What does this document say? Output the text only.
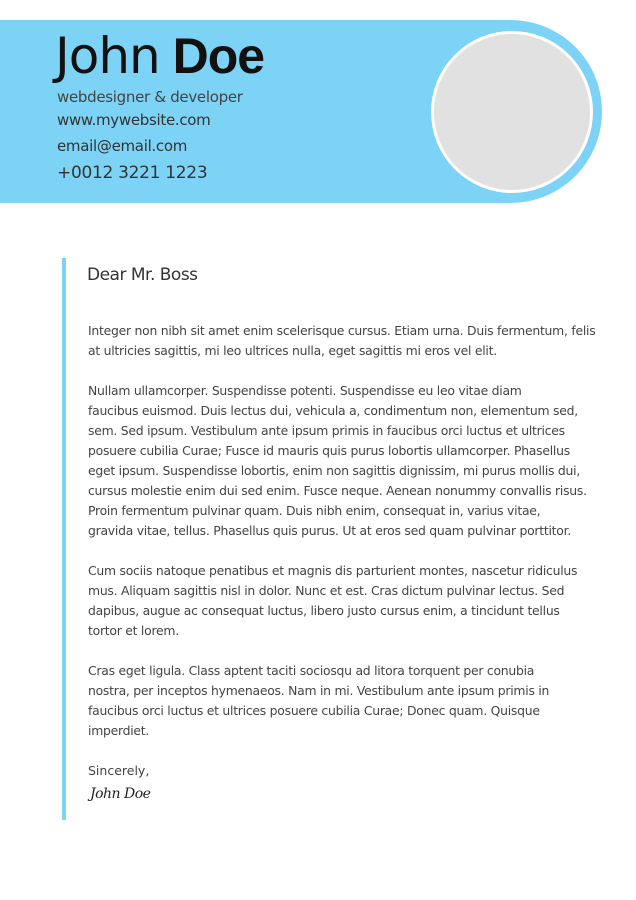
John Doe
webdesigner & developer
www.mywebsite.com
email@email.com
+0012 3221 1223
Dear Mr. Boss
Integer non nibh sit amet enim scelerisque cursus. Etiam urna. Duis fermentum, felis
at ultricies sagittis, mi leo ultrices nulla, eget sagittis mi eros vel elit.
Nullam ullamcorper. Suspendisse potenti. Suspendisse eu leo vitae diam
faucibus euismod. Duis lectus dui, vehicula a, condimentum non, elementum sed,
sem. Sed ipsum. Vestibulum ante ipsum primis in faucibus orci luctus et ultrices
posuere cubilia Curae; Fusce id mauris quis purus lobortis ullamcorper. Phasellus
eget ipsum. Suspendisse lobortis, enim non sagittis dignissim, mi purus mollis dui,
cursus molestie enim dui sed enim. Fusce neque. Aenean nonummy convallis risus.
Proin fermentum pulvinar quam. Duis nibh enim, consequat in, varius vitae,
gravida vitae, tellus. Phasellus quis purus. Ut at eros sed quam pulvinar porttitor.
Cum sociis natoque penatibus et magnis dis parturient montes, nascetur ridiculus
mus. Aliquam sagittis nisl in dolor. Nunc et est. Cras dictum pulvinar lectus. Sed
dapibus, augue ac consequat luctus, libero justo cursus enim, a tincidunt tellus
tortor et lorem.
Cras eget ligula. Class aptent taciti sociosqu ad litora torquent per conubia
nostra, per inceptos hymenaeos. Nam in mi. Vestibulum ante ipsum primis in
faucibus orci luctus et ultrices posuere cubilia Curae; Donec quam. Quisque
imperdiet.
Sincerely,
John Doe
